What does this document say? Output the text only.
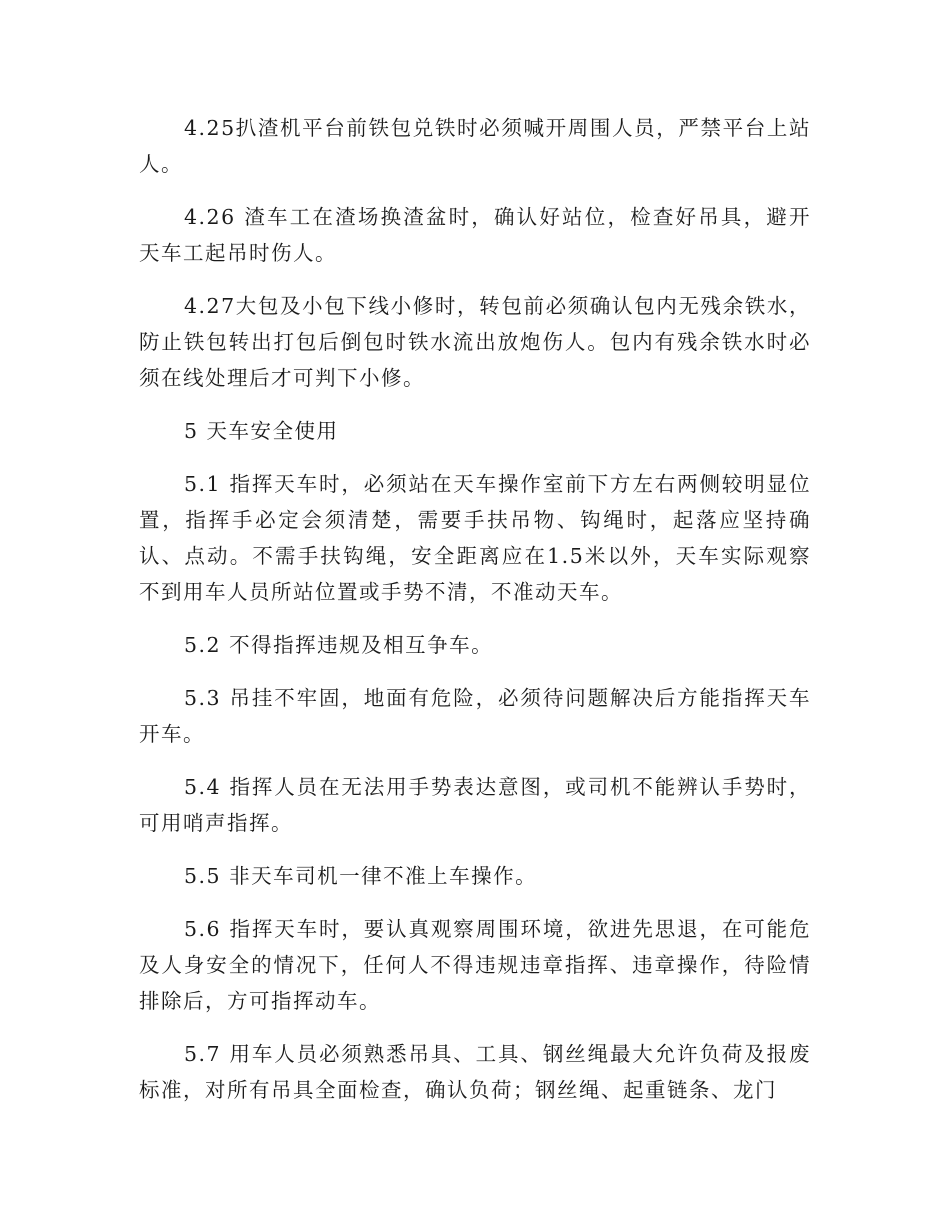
4.25扒渣机平台前铁包兑铁时必须喊开周围人员，严禁平台上站人。

4.26 渣车工在渣场换渣盆时，确认好站位，检查好吊具，避开天车工起吊时伤人。

4.27大包及小包下线小修时，转包前必须确认包内无残余铁水，防止铁包转出打包后倒包时铁水流出放炮伤人。包内有残余铁水时必须在线处理后才可判下小修。

5 天车安全使用

5.1 指挥天车时，必须站在天车操作室前下方左右两侧较明显位置，指挥手必定会须清楚，需要手扶吊物、钩绳时，起落应坚持确认、点动。不需手扶钩绳，安全距离应在1.5米以外，天车实际观察不到用车人员所站位置或手势不清，不准动天车。

5.2 不得指挥违规及相互争车。

5.3 吊挂不牢固，地面有危险，必须待问题解决后方能指挥天车开车。

5.4 指挥人员在无法用手势表达意图，或司机不能辨认手势时，可用哨声指挥。

5.5 非天车司机一律不准上车操作。

5.6 指挥天车时，要认真观察周围环境，欲进先思退，在可能危及人身安全的情况下，任何人不得违规违章指挥、违章操作，待险情排除后，方可指挥动车。

5.7 用车人员必须熟悉吊具、工具、钢丝绳最大允许负荷及报废标准，对所有吊具全面检查，确认负荷；钢丝绳、起重链条、龙门
